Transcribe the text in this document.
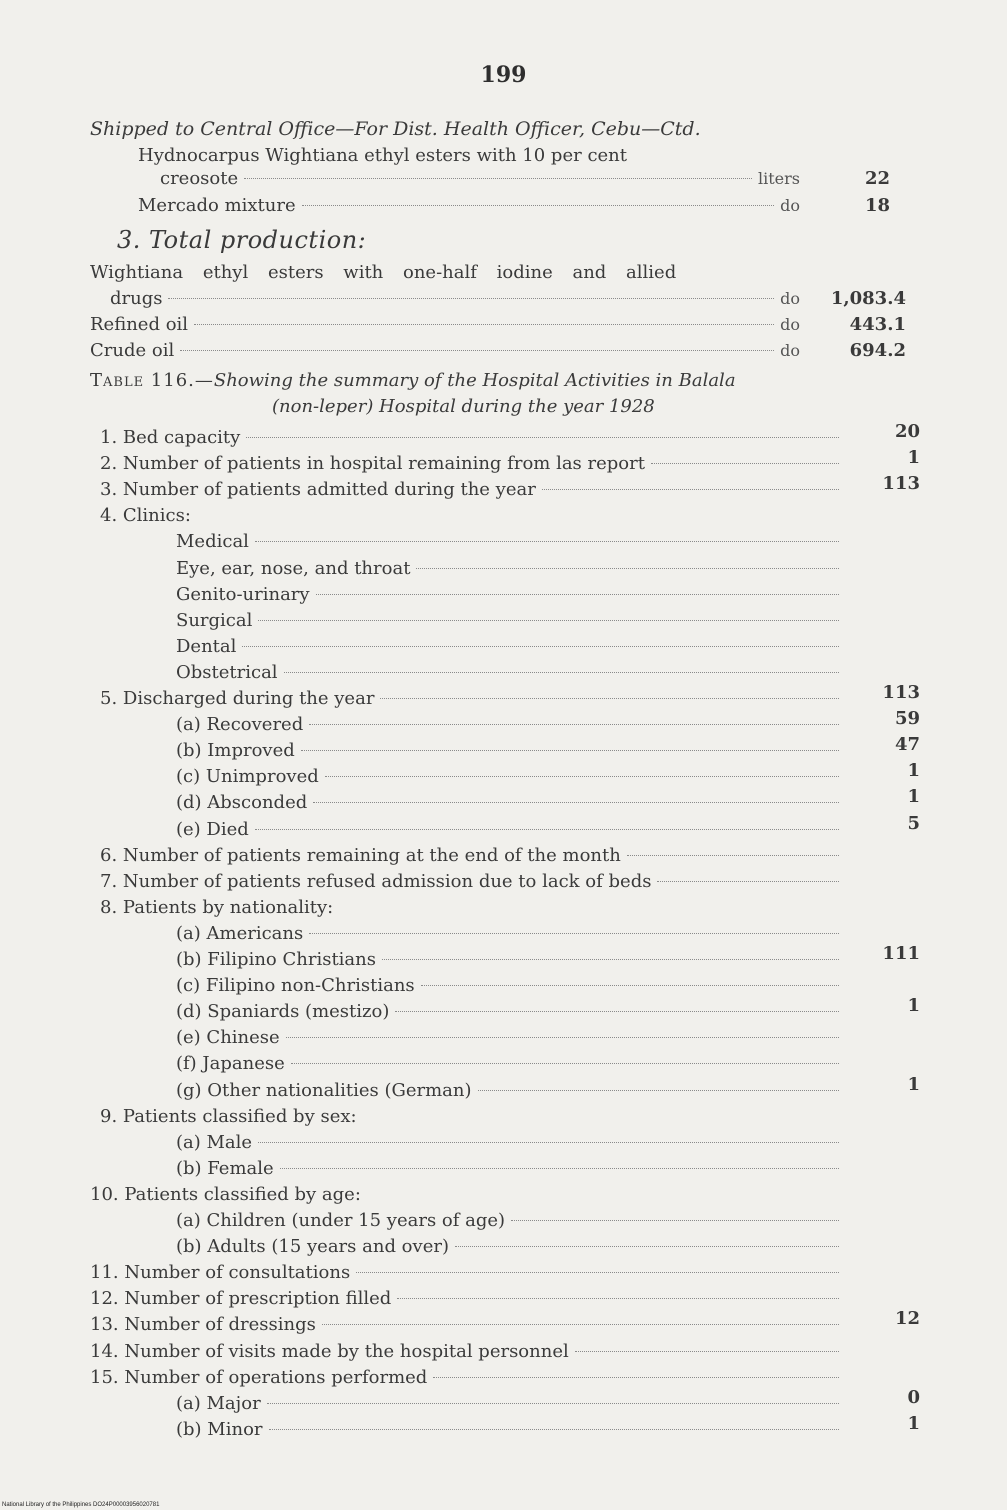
199
Shipped to Central Office—For Dist. Health Officer, Cebu—Ctd.
Hydnocarpus Wightiana ethyl esters with 10 per cent
creosote	liters	22
Mercado mixture	do	18
3. Total production:
Wightiana ethyl esters with one-half iodine and allied
drugs	do	1,083.4
Refined oil	do	443.1
Crude oil	do	694.2
Table 116.—Showing the summary of the Hospital Activities in Balala
(non-leper) Hospital during the year 1928
1. Bed capacity	20
2. Number of patients in hospital remaining from las report	1
3. Number of patients admitted during the year	113
4. Clinics:
Medical
Eye, ear, nose, and throat
Genito-urinary
Surgical
Dental
Obstetrical
5. Discharged during the year	113
(a) Recovered	59
(b) Improved	47
(c) Unimproved	1
(d) Absconded	1
(e) Died	5
6. Number of patients remaining at the end of the month
7. Number of patients refused admission due to lack of beds
8. Patients by nationality:
(a) Americans
(b) Filipino Christians	111
(c) Filipino non-Christians
(d) Spaniards (mestizo)	1
(e) Chinese
(f) Japanese
(g) Other nationalities (German)	1
9. Patients classified by sex:
(a) Male
(b) Female
10. Patients classified by age:
(a) Children (under 15 years of age)
(b) Adults (15 years and over)
11. Number of consultations
12. Number of prescription filled
13. Number of dressings	12
14. Number of visits made by the hospital personnel
15. Number of operations performed
(a) Major	0
(b) Minor	1
National Library of the Philippines DO24P00003956020781
